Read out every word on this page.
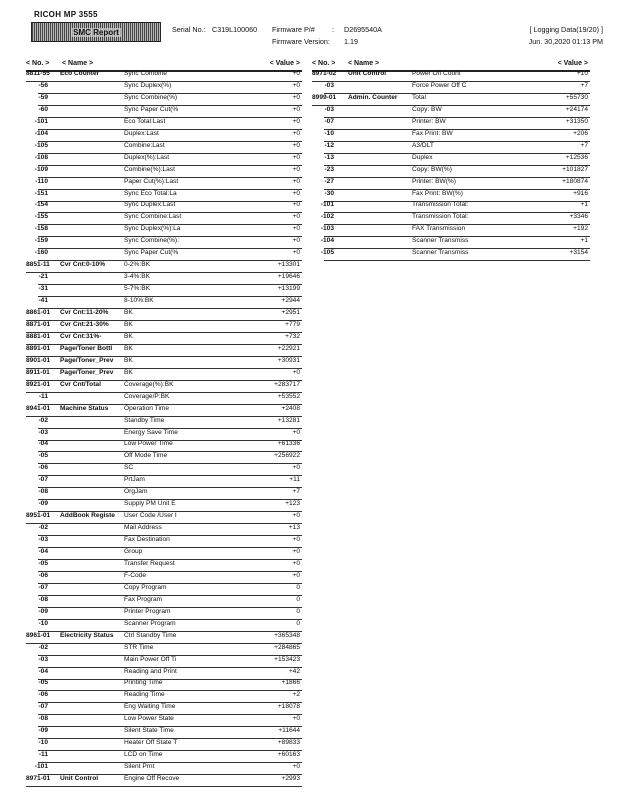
RICOH MP 3555
SMC Report	Serial No.: C319L100060 Firmware P/# : D2695540A
Firmware Version: 1.19
[ Logging Data(19/20) ]
Jun. 30,2020 01:13 PM
< No. > < Name >	< Value > < No. > < Name >	< Value >
8811-55	Eco Counter	Sync Combine	+0
-56	Sync Duplex(%)	+0
-59	Sync Combine(%)	+0
-60	Sync Paper Cut(%	+0
-101	Eco Total:Last	+0
-104	Duplex:Last	+0
-105	Combine:Last	+0
-108	Duplex(%):Last	+0
-109	Combine(%):Last	+0
-110	Paper Cut(%):Last	+0
-151	Sync Eco Total:La	+0
-154	Sync Duplex:Last	+0
-155	Sync Combine:Last	+0
-158	Sync Duplex(%):La	+0
-159	Sync Combine(%):	+0
-160	Sync Paper Cut(%	+0
8851-11	Cvr Cnt:0-10%	0-2%:BK	+13301
-21	3-4%:BK	+19646
-31	5-7%:BK	+13199
-41	8-10%:BK	+2944
8861-01	Cvr Cnt:11-20%	BK	+2951
8871-01	Cvr Cnt:21-30%	BK	+779
8881-01	Cvr Cnt:31%-	BK	+732
8891-01	Page/Toner Bottl	BK	+22921
8901-01	Page/Toner_Prev	BK	+30931
8911-01	Page/Toner_Prev	BK	+0
8921-01	Cvr Cnt/Total	Coverage(%):BK	+283717
-11	Coverage/P:BK	+53552
8941-01	Machine Status	Operation Time	+2408
-02	Standby Time	+13281
-03	Energy Save Time	+0
-04	Low Power Time	+61336
-05	Off Mode Time	+256922
-06	SC	+0
-07	PrtJam	+11
-08	OrgJam	+7
-09	Supply PM Unit E	+123
8951-01	AddBook Registe	User Code /User I	+0
-02	Mail Address	+13
-03	Fax Destination	+0
-04	Group	+0
-05	Transfer Request	+0
-06	F-Code	+0
-07	Copy Program	0
-08	Fax Program	0
-09	Printer Program	0
-10	Scanner Program	0
8961-01	Electricity Status	Ctrl Standby Time	+365348
-02	STR Time	+284865
-03	Main Power Off Ti	+153423
-04	Reading and Print	+42
-05	Printing Time	+1866
-06	Reading Time	+2
-07	Eng Waiting Time	+18078
-08	Low Power State	+0
-09	Silent State Time	+11644
-10	Heater Off State T	+89833
-11	LCD on Time	+60163
-101	Silent Prnt	+0
8971-01	Unit Control	Engine Off Recove	+2993
8971-02	Unit Control	Power Off Count	+10
-03	Force Power Off C	+7
8999-01	Admin. Counter	Total	+55730
-03	Copy: BW	+24174
-07	Printer: BW	+31350
-10	Fax Print: BW	+206
-12	A3/DLT	+7
-13	Duplex	+12536
-23	Copy: BW(%)	+101827
-27	Printer: BW(%)	+180874
-30	Fax Print: BW(%)	+916
-101	Transmission Total:	+1
-102	Transmission Total:	+3346
-103	FAX Transmission	+192
-104	Scanner Transmiss	+1
-105	Scanner Transmiss	+3154
